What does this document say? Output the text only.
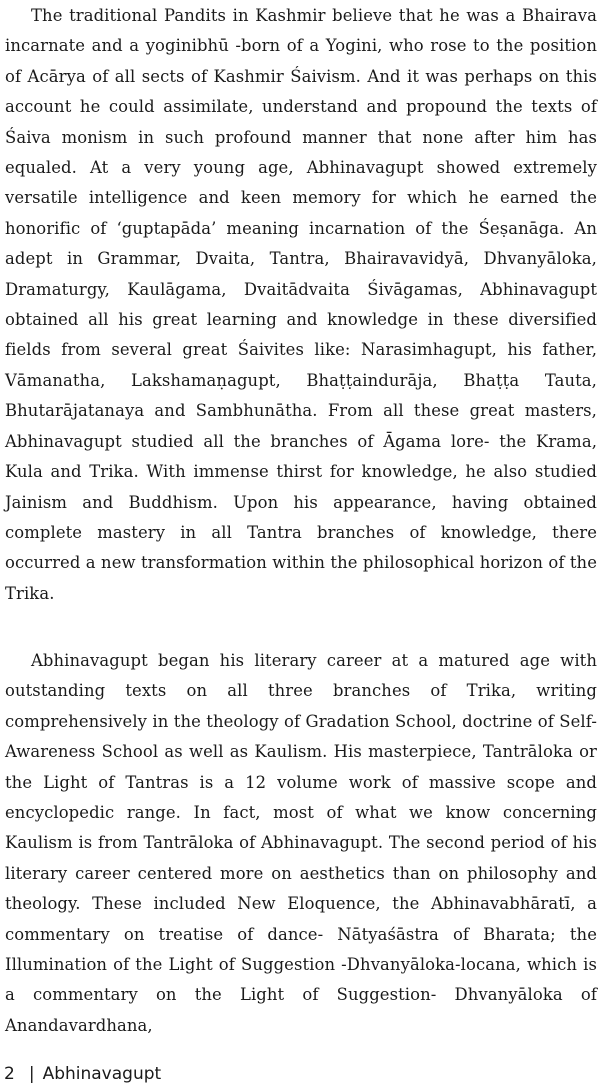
The traditional Pandits in Kashmir believe that he was a Bhairava incarnate and a yoginibhū -born of a Yogini, who rose to the position of Acārya of all sects of Kashmir Śaivism. And it was perhaps on this account he could assimilate, understand and propound the texts of Śaiva monism in such profound manner that none after him has equaled. At a very young age, Abhinavagupt showed extremely versatile intelligence and keen memory for which he earned the honorific of ‘guptapāda’ meaning incarnation of the Śeṣanāga. An adept in Grammar, Dvaita, Tantra, Bhairavavidyā, Dhvanyāloka, Dramaturgy, Kaulāgama, Dvaitādvaita Śivāgamas, Abhinavagupt obtained all his great learning and knowledge in these diversified fields from several great Śaivites like: Narasimhagupt, his father, Vāmanatha, Lakshamaṇagupt, Bhaṭṭaindurāja, Bhaṭṭa Tauta, Bhutarājatanaya and Sambhunātha. From all these great masters, Abhinavagupt studied all the branches of Āgama lore- the Krama, Kula and Trika. With immense thirst for knowledge, he also studied Jainism and Buddhism. Upon his appearance, having obtained complete mastery in all Tantra branches of knowledge, there occurred a new transformation within the philosophical horizon of the Trika.

Abhinavagupt began his literary career at a matured age with outstanding texts on all three branches of Trika, writing comprehensively in the theology of Gradation School, doctrine of Self-Awareness School as well as Kaulism. His masterpiece, Tantrāloka or the Light of Tantras is a 12 volume work of massive scope and encyclopedic range. In fact, most of what we know concerning Kaulism is from Tantrāloka of Abhinavagupt. The second period of his literary career centered more on aesthetics than on philosophy and theology. These included New Eloquence, the Abhinavabhāratī, a commentary on treatise of dance- Nātyaśāstra of Bharata; the Illumination of the Light of Suggestion -Dhvanyāloka-locana, which is a commentary on the Light of Suggestion- Dhvanyāloka of Anandavardhana,

2 | Abhinavagupt
